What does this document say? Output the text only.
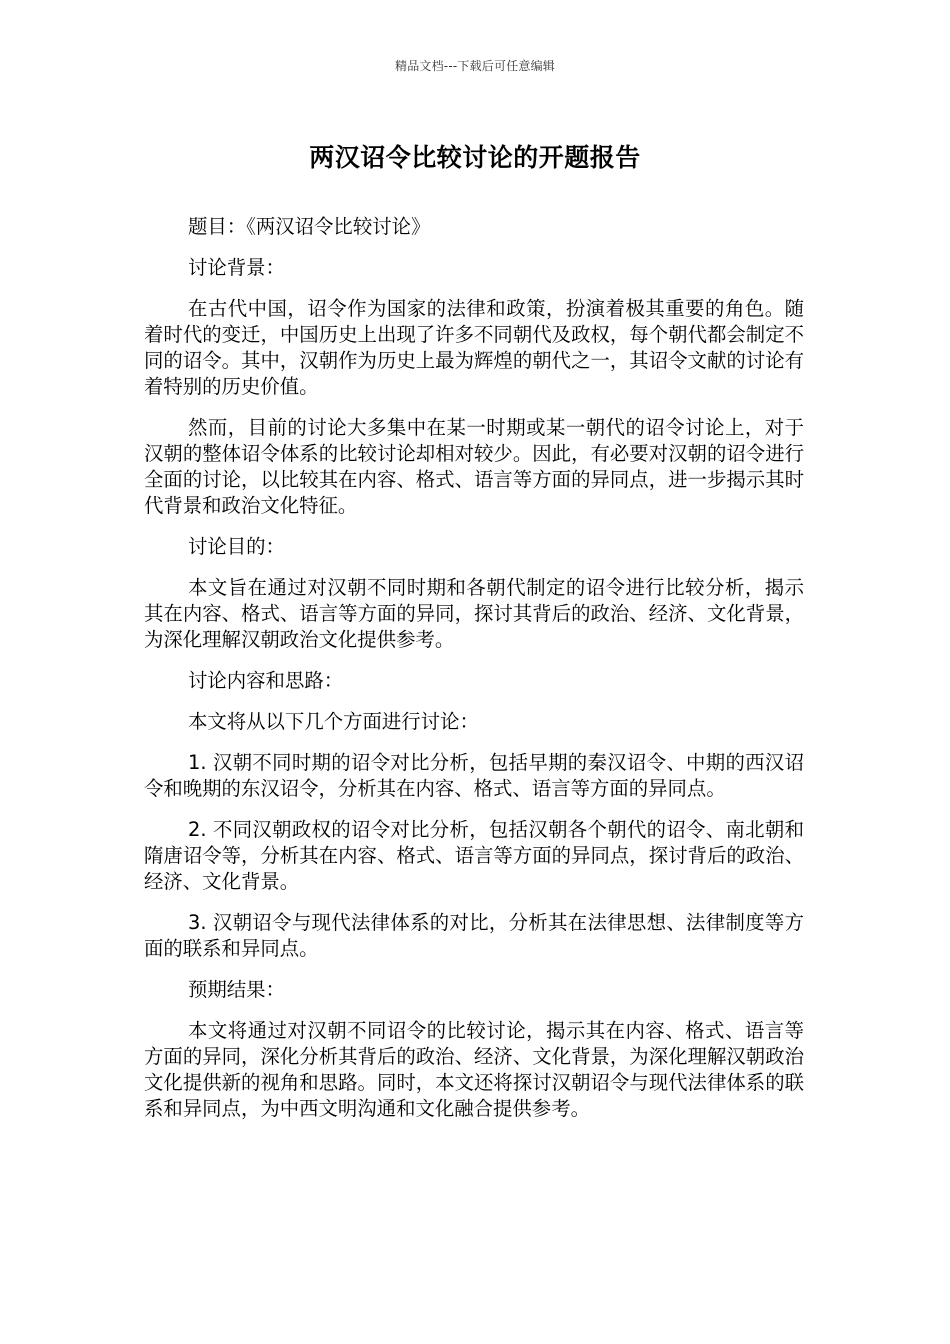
精品文档---下载后可任意编辑
两汉诏令比较讨论的开题报告

题目：《两汉诏令比较讨论》

讨论背景：

在古代中国，诏令作为国家的法律和政策，扮演着极其重要的角色。随着时代的变迁，中国历史上出现了许多不同朝代及政权，每个朝代都会制定不同的诏令。其中，汉朝作为历史上最为辉煌的朝代之一，其诏令文献的讨论有着特别的历史价值。

然而，目前的讨论大多集中在某一时期或某一朝代的诏令讨论上，对于汉朝的整体诏令体系的比较讨论却相对较少。因此，有必要对汉朝的诏令进行全面的讨论，以比较其在内容、格式、语言等方面的异同点，进一步揭示其时代背景和政治文化特征。

讨论目的：

本文旨在通过对汉朝不同时期和各朝代制定的诏令进行比较分析，揭示其在内容、格式、语言等方面的异同，探讨其背后的政治、经济、文化背景，为深化理解汉朝政治文化提供参考。

讨论内容和思路：

本文将从以下几个方面进行讨论：

1. 汉朝不同时期的诏令对比分析，包括早期的秦汉诏令、中期的西汉诏令和晚期的东汉诏令，分析其在内容、格式、语言等方面的异同点。

2. 不同汉朝政权的诏令对比分析，包括汉朝各个朝代的诏令、南北朝和隋唐诏令等，分析其在内容、格式、语言等方面的异同点，探讨背后的政治、经济、文化背景。

3. 汉朝诏令与现代法律体系的对比，分析其在法律思想、法律制度等方面的联系和异同点。

预期结果：

本文将通过对汉朝不同诏令的比较讨论，揭示其在内容、格式、语言等方面的异同，深化分析其背后的政治、经济、文化背景，为深化理解汉朝政治文化提供新的视角和思路。同时，本文还将探讨汉朝诏令与现代法律体系的联系和异同点，为中西文明沟通和文化融合提供参考。
